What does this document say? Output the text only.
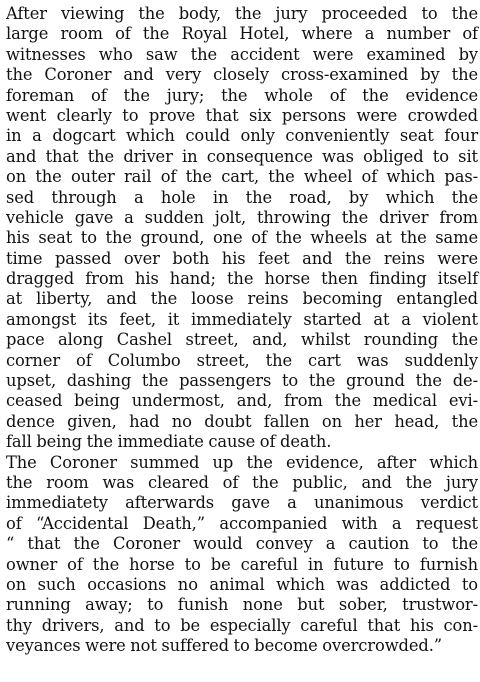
After viewing the body, the jury proceeded to the
large room of the Royal Hotel, where a number of
witnesses who saw the accident were examined by
the Coroner and very closely cross-examined by the
foreman of the jury; the whole of the evidence
went clearly to prove that six persons were crowded
in a dogcart which could only conveniently seat four
and that the driver in consequence was obliged to sit
on the outer rail of the cart, the wheel of which pas-
sed through a hole in the road, by which the
vehicle gave a sudden jolt, throwing the driver from
his seat to the ground, one of the wheels at the same
time passed over both his feet and the reins were
dragged from his hand; the horse then finding itself
at liberty, and the loose reins becoming entangled
amongst its feet, it immediately started at a violent
pace along Cashel street, and, whilst rounding the
corner of Columbo street, the cart was suddenly
upset, dashing the passengers to the ground the de-
ceased being undermost, and, from the medical evi-
dence given, had no doubt fallen on her head, the
fall being the immediate cause of death.
The Coroner summed up the evidence, after which
the room was cleared of the public, and the jury
immediatety afterwards gave a unanimous verdict
of “Accidental Death,” accompanied with a request
“ that the Coroner would convey a caution to the
owner of the horse to be careful in future to furnish
on such occasions no animal which was addicted to
running away; to funish none but sober, trustwor-
thy drivers, and to be especially careful that his con-
veyances were not suffered to become overcrowded.”
